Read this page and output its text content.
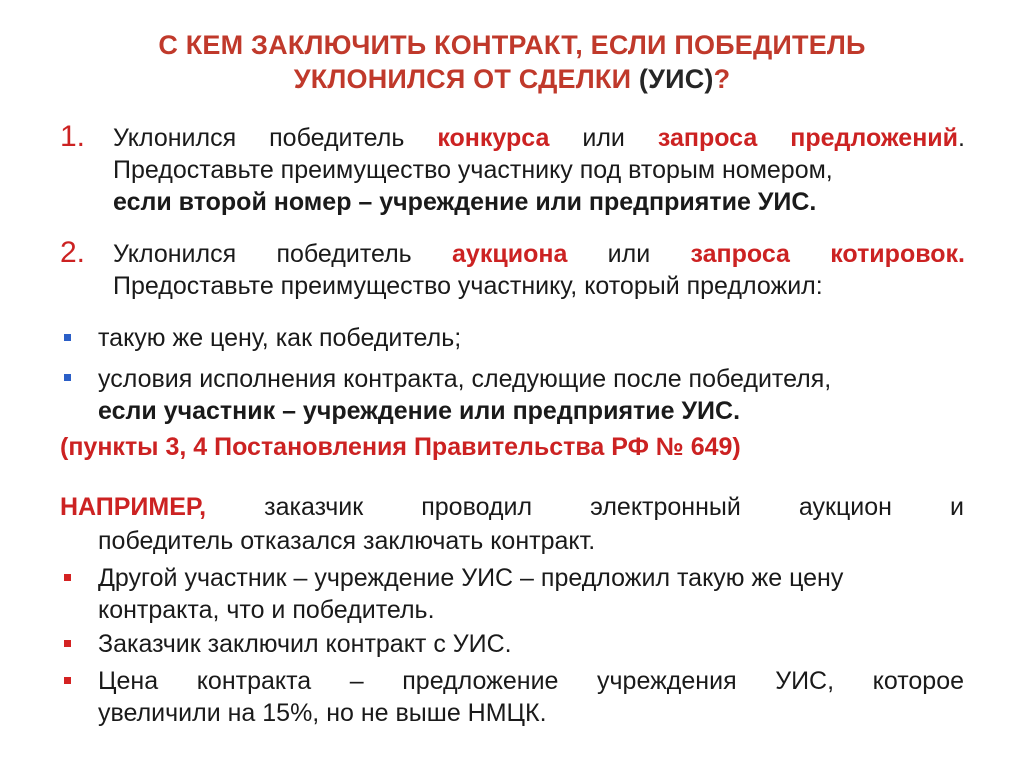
С КЕМ ЗАКЛЮЧИТЬ КОНТРАКТ, ЕСЛИ ПОБЕДИТЕЛЬ
УКЛОНИЛСЯ ОТ СДЕЛКИ (УИС)?
1. Уклонился победитель конкурса или запроса предложений.
Предоставьте преимущество участнику под вторым номером,
если второй номер – учреждение или предприятие УИС.
2. Уклонился победитель аукциона или запроса котировок.
Предоставьте преимущество участнику, который предложил:
такую же цену, как победитель;
условия исполнения контракта, следующие после победителя,
если участник – учреждение или предприятие УИС.
(пункты 3, 4 Постановления Правительства РФ № 649)
НАПРИМЕР, заказчик проводил электронный аукцион и
победитель отказался заключать контракт.
Другой участник – учреждение УИС – предложил такую же цену
контракта, что и победитель.
Заказчик заключил контракт с УИС.
Цена контракта – предложение учреждения УИС, которое
увеличили на 15%, но не выше НМЦК.
